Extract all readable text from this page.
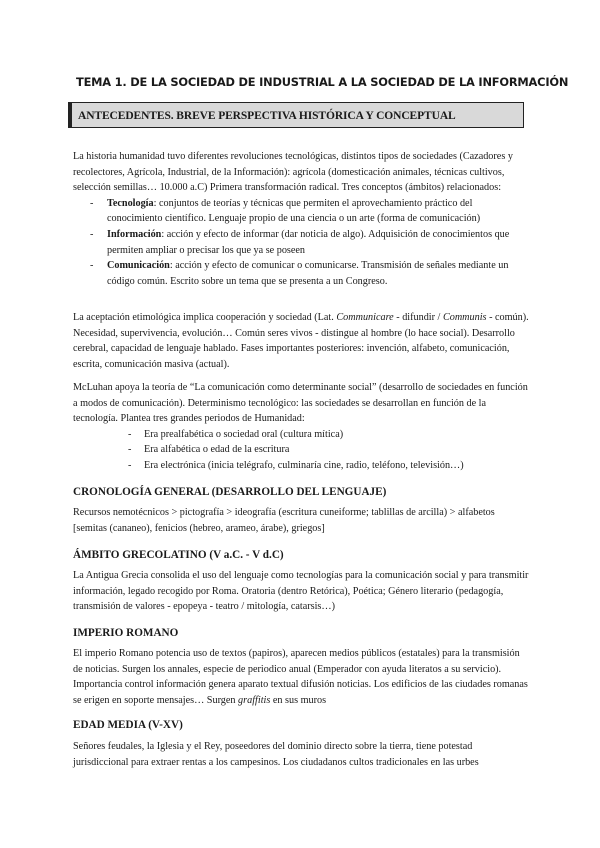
TEMA 1. DE LA SOCIEDAD DE INDUSTRIAL A LA SOCIEDAD DE LA INFORMACIÓN
ANTECEDENTES. BREVE PERSPECTIVA HISTÓRICA Y CONCEPTUAL

La historia humanidad tuvo diferentes revoluciones tecnológicas, distintos tipos de sociedades (Cazadores y recolectores, Agrícola, Industrial, de la Información): agrícola (domesticación animales, técnicas cultivos, selección semillas… 10.000 a.C) Primera transformación radical. Tres conceptos (ámbitos) relacionados:

- Tecnología: conjuntos de teorías y técnicas que permiten el aprovechamiento práctico del conocimiento científico. Lenguaje propio de una ciencia o un arte (forma de comunicación)
- Información: acción y efecto de informar (dar noticia de algo). Adquisición de conocimientos que permiten ampliar o precisar los que ya se poseen
- Comunicación: acción y efecto de comunicar o comunicarse. Transmisión de señales mediante un código común. Escrito sobre un tema que se presenta a un Congreso.

La aceptación etimológica implica cooperación y sociedad (Lat. Communicare - difundir / Communis - común). Necesidad, supervivencia, evolución… Común seres vivos - distingue al hombre (lo hace social). Desarrollo cerebral, capacidad de lenguaje hablado. Fases importantes posteriores: invención, alfabeto, comunicación, escrita, comunicación masiva (actual).

McLuhan apoya la teoría de “La comunicación como determinante social” (desarrollo de sociedades en función a modos de comunicación). Determinismo tecnológico: las sociedades se desarrollan en función de la tecnología. Plantea tres grandes periodos de Humanidad:

- Era prealfabética o sociedad oral (cultura mítica)
- Era alfabética o edad de la escritura
- Era electrónica (inicia telégrafo, culminaría cine, radio, teléfono, televisión…)
CRONOLOGÍA GENERAL (DESARROLLO DEL LENGUAJE)

Recursos nemotécnicos > pictografía > ideografía (escritura cuneiforme; tablillas de arcilla) > alfabetos [semitas (cananeo), fenicios (hebreo, arameo, árabe), griegos]

ÁMBITO GRECOLATINO (V a.C. - V d.C)

La Antigua Grecia consolida el uso del lenguaje como tecnologías para la comunicación social y para transmitir información, legado recogido por Roma. Oratoria (dentro Retórica), Poética; Género literario (pedagogía, transmisión de valores - epopeya - teatro / mitología, catarsis…)

IMPERIO ROMANO

El imperio Romano potencia uso de textos (papiros), aparecen medios públicos (estatales) para la transmisión de noticias. Surgen los annales, especie de periodico anual (Emperador con ayuda literatos a su servicio). Importancia control información genera aparato textual difusión noticias. Los edificios de las ciudades romanas se erigen en soporte mensajes… Surgen graffitis en sus muros

EDAD MEDIA (V-XV)

Señores feudales, la Iglesia y el Rey, poseedores del dominio directo sobre la tierra, tiene potestad jurisdiccional para extraer rentas a los campesinos. Los ciudadanos cultos tradicionales en las urbes
